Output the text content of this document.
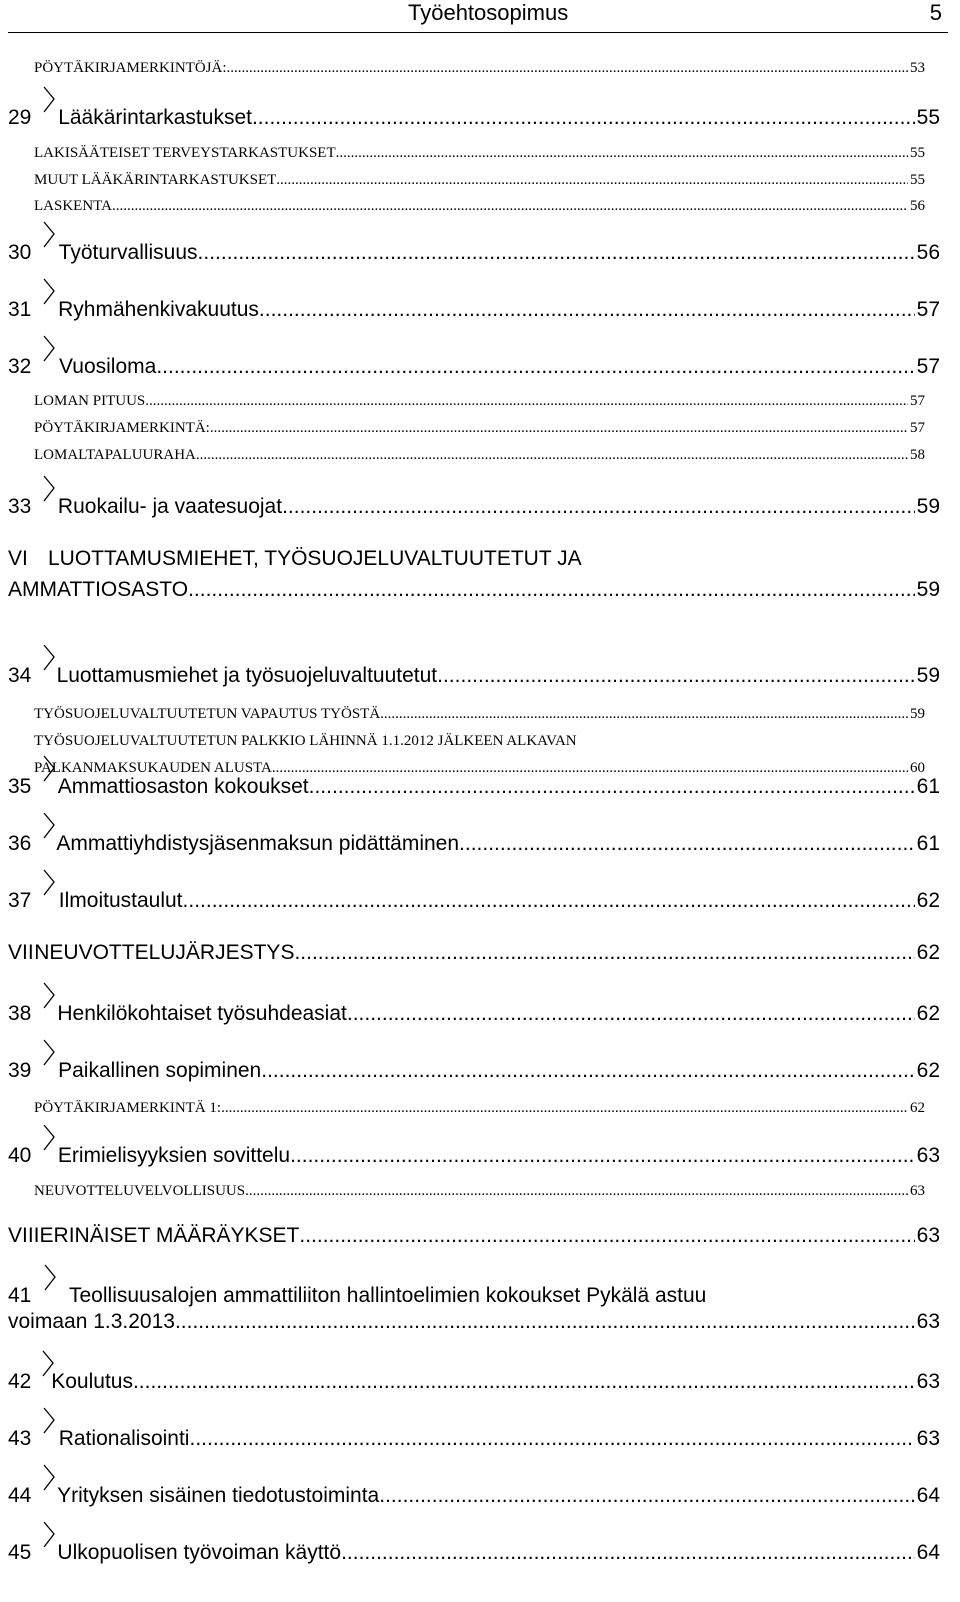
Työehtosopimus	5
PÖYTÄKIRJAMERKINTÖJÄ: .....	53
29 Lääkärintarkastukset .....	55
LAKISÄÄTEISET TERVEYSTARKASTUKSET .....	55
MUUT LÄÄKÄRINTARKASTUKSET .....	55
LASKENTA .....	56
30 Työturvallisuus .....	56
31 Ryhmähenkivakuutus .....	57
32 Vuosiloma .....	57
LOMAN PITUUS .....	57
PÖYTÄKIRJAMERKINTÄ: .....	57
LOMALTAPALUURAHA .....	58
33 Ruokailu- ja vaatesuojat .....	59
VI LUOTTAMUSMIEHET, TYÖSUOJELUVALTUUTETUT JA
AMMATTIOSASTO .....	59
34 Luottamusmiehet ja työsuojeluvaltuutetut .....	59
TYÖSUOJELUVALTUUTETUN VAPAUTUS TYÖSTÄ .....	59
TYÖSUOJELUVALTUUTETUN PALKKIO LÄHINNÄ 1.1.2012 JÄLKEEN ALKAVAN
PALKANMAKSUKAUDEN ALUSTA .....	60
35 Ammattiosaston kokoukset .....	61
36 Ammattiyhdistysjäsenmaksun pidättäminen .....	61
37 Ilmoitustaulut .....	62
VII NEUVOTTELUJÄRJESTYS .....	62
38 Henkilökohtaiset työsuhdeasiat .....	62
39 Paikallinen sopiminen .....	62
PÖYTÄKIRJAMERKINTÄ 1: .....	62
40 Erimielisyyksien sovittelu .....	63
NEUVOTTELUVELVOLLISUUS .....	63
VIII ERINÄISET MÄÄRÄYKSET .....	63
41 Teollisuusalojen ammattiliiton hallintoelimien kokoukset Pykälä astuu
voimaan 1.3.2013 .....	63
42 Koulutus .....	63
43 Rationalisointi .....	63
44 Yrityksen sisäinen tiedotustoiminta .....	64
45 Ulkopuolisen työvoiman käyttö .....	64
